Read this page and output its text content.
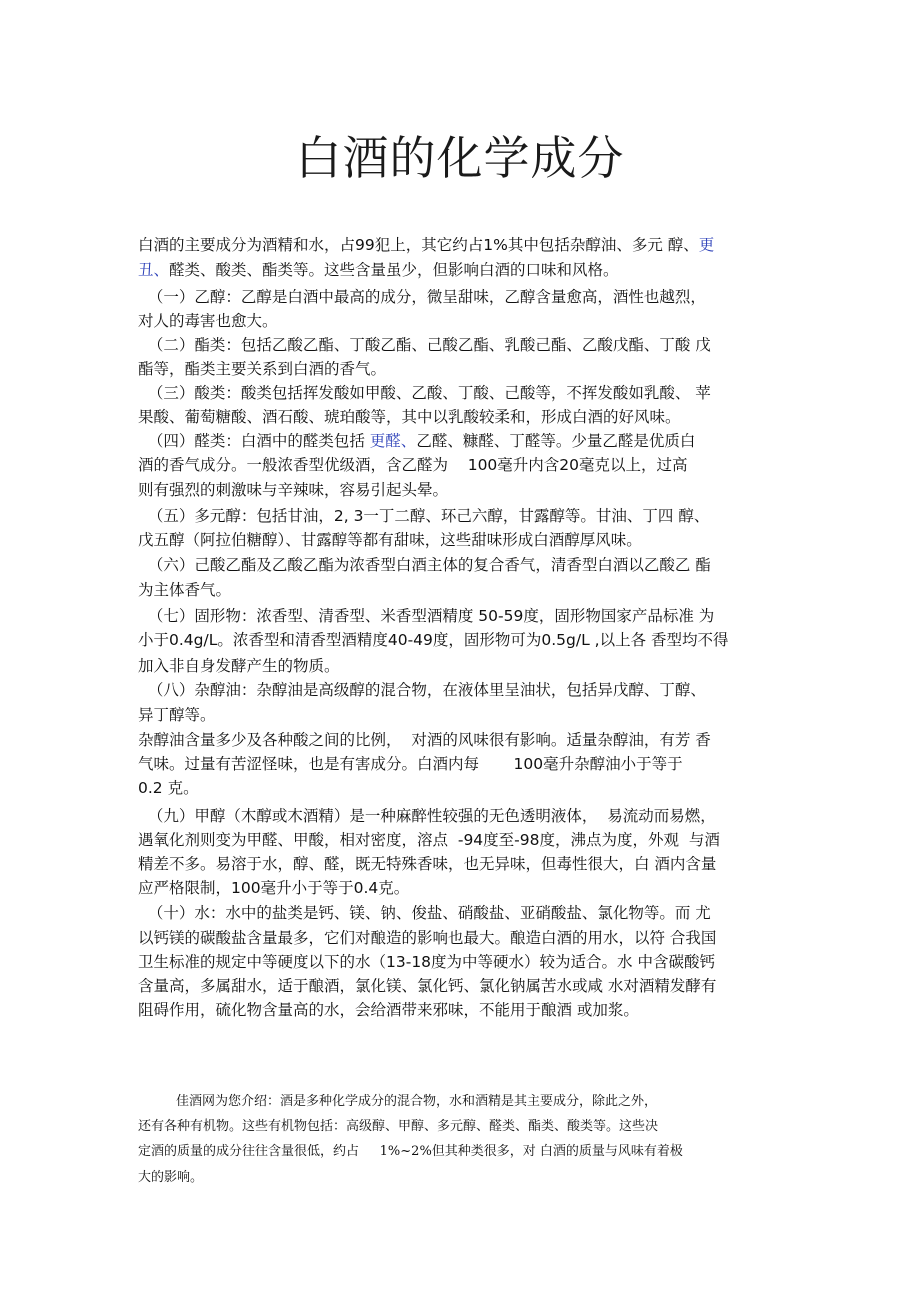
白酒的化学成分
白酒的主要成分为酒精和水，占99犯上，其它约占1%其中包括杂醇油、多元 醇、更
丑、醛类、酸类、酯类等。这些含量虽少，但影响白酒的口味和风格。
（一）乙醇：乙醇是白酒中最高的成分，微呈甜味，乙醇含量愈高，酒性也越烈，
对人的毒害也愈大。
（二）酯类：包括乙酸乙酯、丁酸乙酯、己酸乙酯、乳酸己酯、乙酸戊酯、丁酸 戊
酯等，酯类主要关系到白酒的香气。
（三）酸类：酸类包括挥发酸如甲酸、乙酸、丁酸、己酸等，不挥发酸如乳酸、 苹
果酸、葡萄糖酸、酒石酸、琥珀酸等，其中以乳酸较柔和，形成白酒的好风味。
（四）醛类：白酒中的醛类包括 更醛、乙醛、糠醛、丁醛等。少量乙醛是优质白
酒的香气成分。一般浓香型优级酒，含乙醛为    100毫升内含20毫克以上，过高
则有强烈的刺激味与辛辣味，容易引起头晕。
（五）多元醇：包括甘油，2, 3一丁二醇、环己六醇，甘露醇等。甘油、丁四 醇、
戊五醇（阿拉伯糖醇）、甘露醇等都有甜味，这些甜味形成白酒醇厚风味。
（六）己酸乙酯及乙酸乙酯为浓香型白酒主体的复合香气，清香型白酒以乙酸乙 酯
为主体香气。
（七）固形物：浓香型、清香型、米香型酒精度 50-59度，固形物国家产品标准 为
小于0.4g/L。浓香型和清香型酒精度40-49度，固形物可为0.5g/L ,以上各 香型均不得
加入非自身发酵产生的物质。
（八）杂醇油：杂醇油是高级醇的混合物，在液体里呈油状，包括异戊醇、丁醇、
异丁醇等。
杂醇油含量多少及各种酸之间的比例，  对酒的风味很有影响。适量杂醇油，有芳 香
气味。过量有苦涩怪味，也是有害成分。白酒内每       100毫升杂醇油小于等于
0.2 克。
（九）甲醇（木醇或木酒精）是一种麻醉性较强的无色透明液体，  易流动而易燃，
遇氧化剂则变为甲醛、甲酸，相对密度，溶点  -94度至-98度，沸点为度，外观  与酒
精差不多。易溶于水，醇、醛，既无特殊香味，也无异味，但毒性很大，白 酒内含量
应严格限制，100毫升小于等于0.4克。
（十）水：水中的盐类是钙、镁、钠、俊盐、硝酸盐、亚硝酸盐、氯化物等。而 尤
以钙镁的碳酸盐含量最多，它们对酿造的影响也最大。酿造白酒的用水，以符 合我国
卫生标准的规定中等硬度以下的水（13-18度为中等硬水）较为适合。水 中含碳酸钙
含量高，多属甜水，适于酿酒，氯化镁、氯化钙、氯化钠属苦水或咸 水对酒精发酵有
阻碍作用，硫化物含量高的水，会给酒带来邪味，不能用于酿酒 或加浆。
佳酒网为您介绍：酒是多种化学成分的混合物，水和酒精是其主要成分，除此之外，
还有各种有机物。这些有机物包括：高级醇、甲醇、多元醇、醛类、酯类、酸类等。这些决
定酒的质量的成分往往含量很低，约占     1%~2%但其种类很多，对 白酒的质量与风味有着极
大的影响。
